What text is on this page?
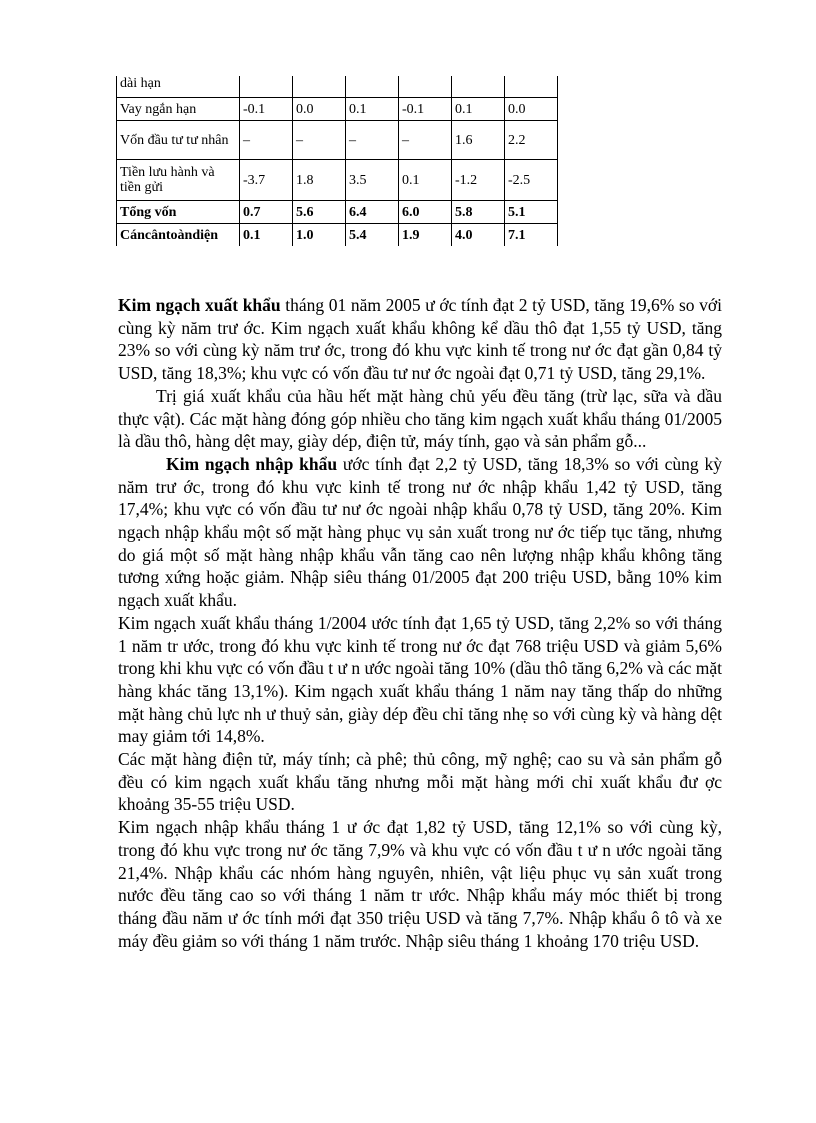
dài hạn						
Vay ngắn hạn	-0.1	0.0	0.1	-0.1	0.1	0.0
Vốn đầu tư tư nhân	–	–	–	–	1.6	2.2
Tiền lưu hành và tiền gửi	-3.7	1.8	3.5	0.1	-1.2	-2.5
Tổng vốn	0.7	5.6	6.4	6.0	5.8	5.1
Cáncântoàndiện	0.1	1.0	5.4	1.9	4.0	7.1

Kim ngạch xuất khẩu tháng 01 năm 2005 ư ớc tính đạt 2 tỷ USD, tăng 19,6% so với cùng kỳ năm trư ớc. Kim ngạch xuất khẩu không kể dầu thô đạt 1,55 tỷ USD, tăng 23% so với cùng kỳ năm trư ớc, trong đó khu vực kinh tế trong nư ớc đạt gần 0,84 tỷ USD, tăng 18,3%; khu vực có vốn đầu tư nư ớc ngoài đạt 0,71 tỷ USD, tăng 29,1%.

Trị giá xuất khẩu của hầu hết mặt hàng chủ yếu đều tăng (trừ lạc, sữa và dầu thực vật). Các mặt hàng đóng góp nhiều cho tăng kim ngạch xuất khẩu tháng 01/2005 là dầu thô, hàng dệt may, giày dép, điện tử, máy tính, gạo và sản phẩm gỗ...

Kim ngạch nhập khẩu ước tính đạt 2,2 tỷ USD, tăng 18,3% so với cùng kỳ năm trư ớc, trong đó khu vực kinh tế trong nư ớc nhập khẩu 1,42 tỷ USD, tăng 17,4%; khu vực có vốn đầu tư nư ớc ngoài nhập khẩu 0,78 tỷ USD, tăng 20%. Kim ngạch nhập khẩu một số mặt hàng phục vụ sản xuất trong nư ớc tiếp tục tăng, nhưng do giá một số mặt hàng nhập khẩu vẫn tăng cao nên lượng nhập khẩu không tăng tương xứng hoặc giảm. Nhập siêu tháng 01/2005 đạt 200 triệu USD, bằng 10% kim ngạch xuất khẩu.

Kim ngạch xuất khẩu tháng 1/2004 ước tính đạt 1,65 tỷ USD, tăng 2,2% so với tháng 1 năm tr ước, trong đó khu vực kinh tế trong nư ớc đạt 768 triệu USD và giảm 5,6% trong khi khu vực có vốn đầu t ư n ước ngoài tăng 10% (dầu thô tăng 6,2% và các mặt hàng khác tăng 13,1%). Kim ngạch xuất khẩu tháng 1 năm nay tăng thấp do những mặt hàng chủ lực nh ư thuỷ sản, giày dép đều chỉ tăng nhẹ so với cùng kỳ và hàng dệt may giảm tới 14,8%.

Các mặt hàng điện tử, máy tính; cà phê; thủ công, mỹ nghệ; cao su và sản phẩm gỗ đều có kim ngạch xuất khẩu tăng nhưng mỗi mặt hàng mới chỉ xuất khẩu đư ợc khoảng 35-55 triệu USD.

Kim ngạch nhập khẩu tháng 1 ư ớc đạt 1,82 tỷ USD, tăng 12,1% so với cùng kỳ, trong đó khu vực trong nư ớc tăng 7,9% và khu vực có vốn đầu t ư n ước ngoài tăng 21,4%. Nhập khẩu các nhóm hàng nguyên, nhiên, vật liệu phục vụ sản xuất trong nước đều tăng cao so với tháng 1 năm tr ước. Nhập khẩu máy móc thiết bị trong tháng đầu năm ư ớc tính mới đạt 350 triệu USD và tăng 7,7%. Nhập khẩu ô tô và xe máy đều giảm so với tháng 1 năm trước. Nhập siêu tháng 1 khoảng 170 triệu USD.
